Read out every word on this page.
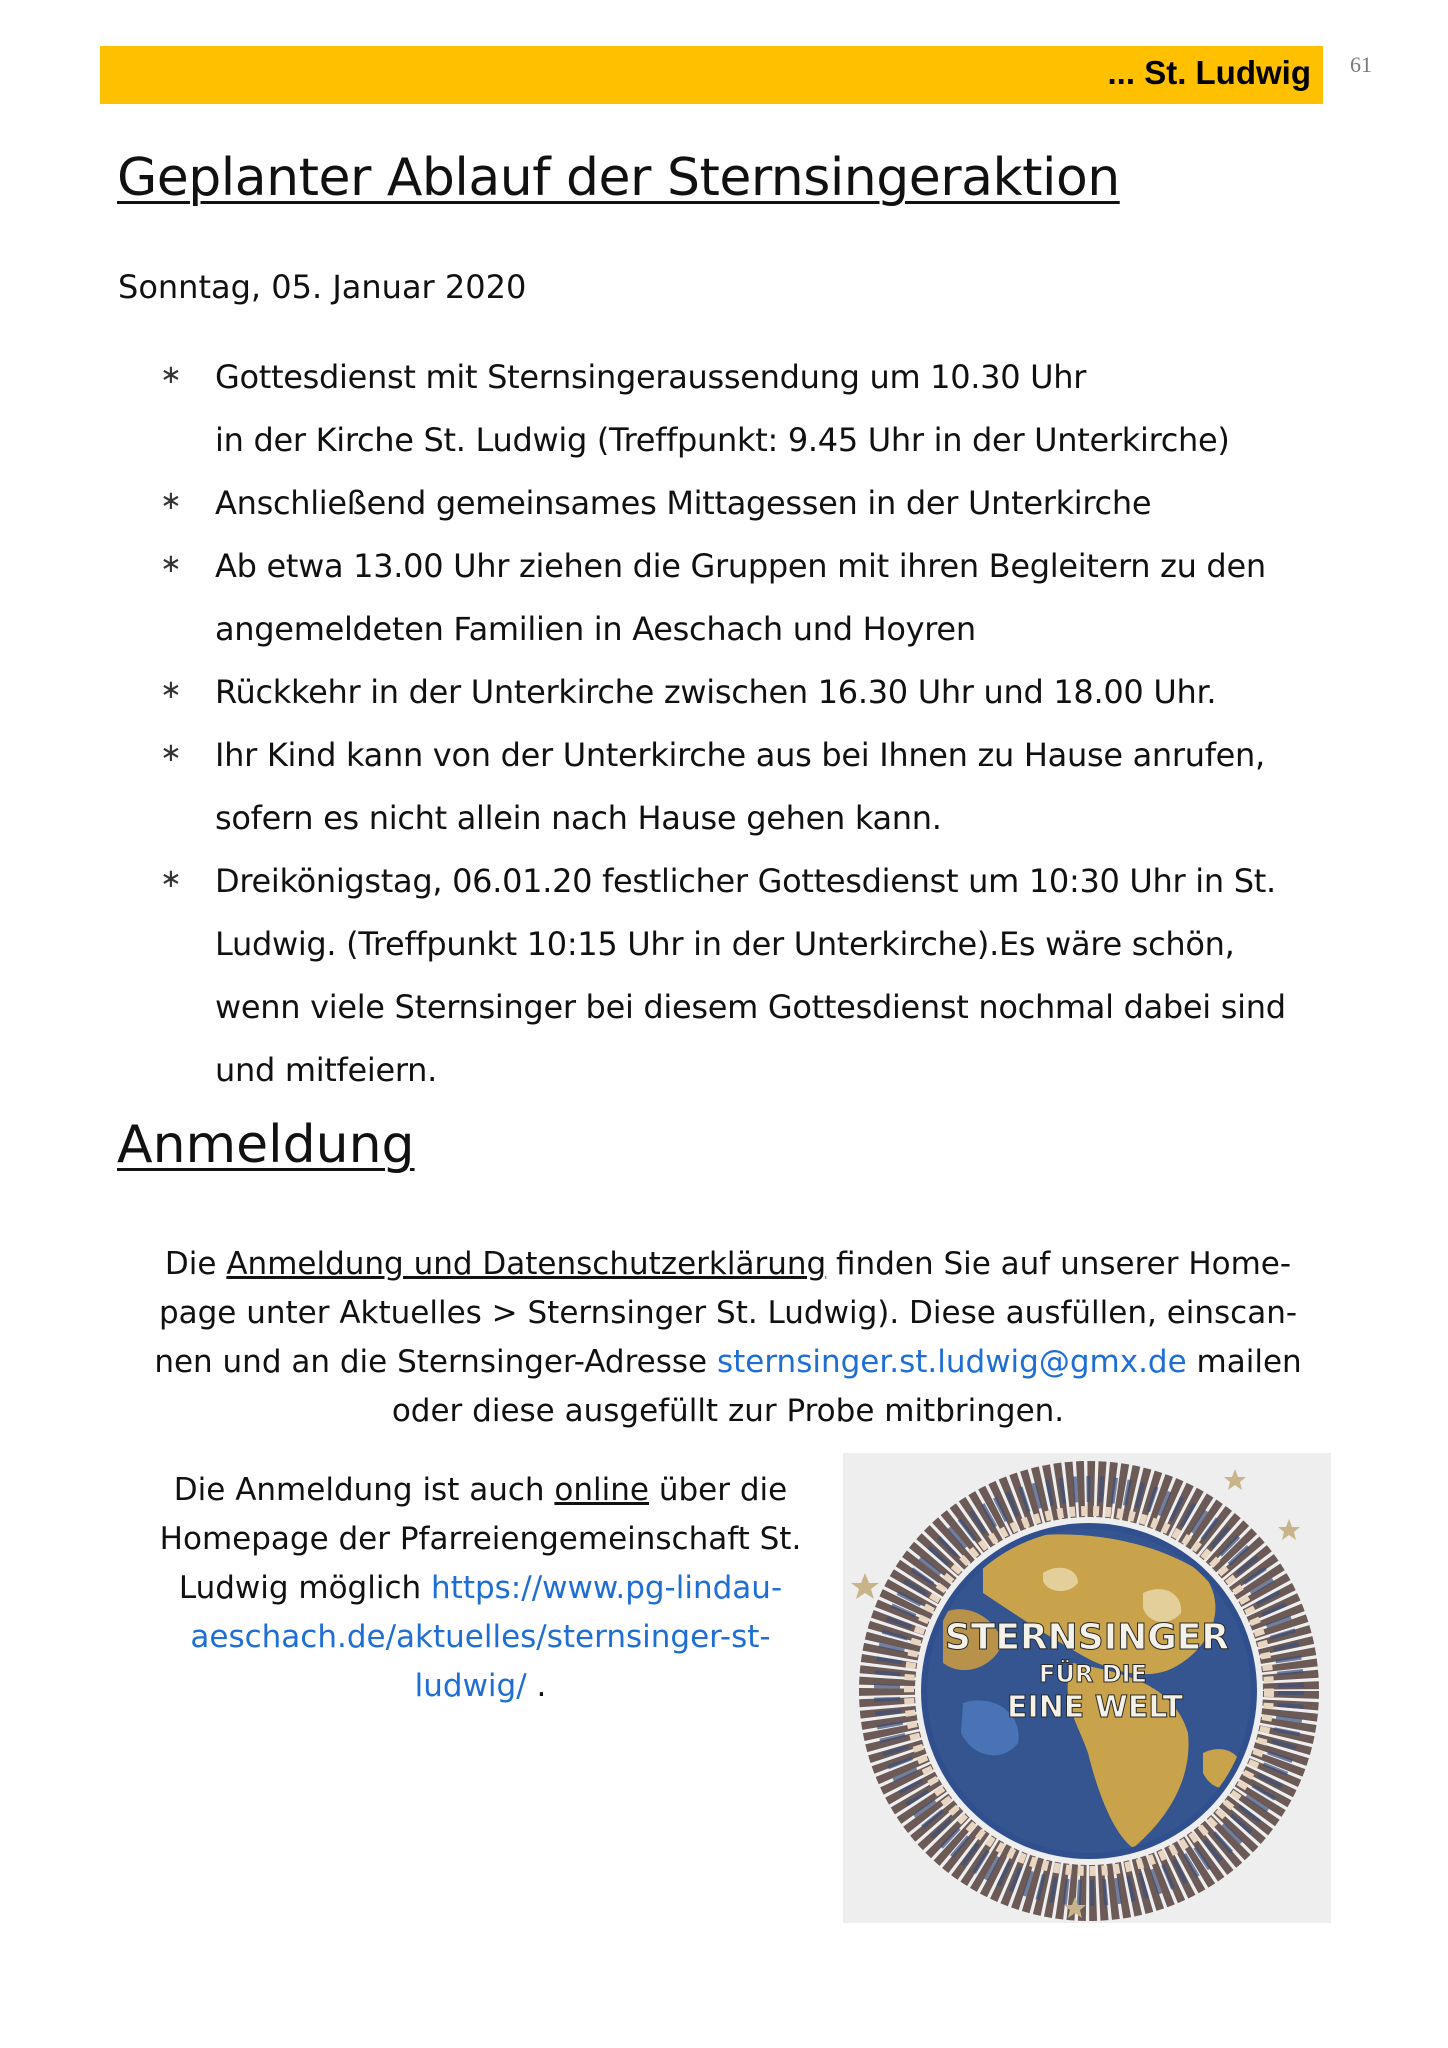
... St. Ludwig 61
Geplanter Ablauf der Sternsingeraktion
Sonntag, 05. Januar 2020
∗ Gottesdienst mit Sternsingeraussendung um 10.30 Uhr
in der Kirche St. Ludwig (Treffpunkt: 9.45 Uhr in der Unterkirche)
∗ Anschließend gemeinsames Mittagessen in der Unterkirche
∗ Ab etwa 13.00 Uhr ziehen die Gruppen mit ihren Begleitern zu den
angemeldeten Familien in Aeschach und Hoyren
∗ Rückkehr in der Unterkirche zwischen 16.30 Uhr und 18.00 Uhr.
∗ Ihr Kind kann von der Unterkirche aus bei Ihnen zu Hause anrufen,
sofern es nicht allein nach Hause gehen kann.
∗ Dreikönigstag, 06.01.20 festlicher Gottesdienst um 10:30 Uhr in St.
Ludwig. (Treffpunkt 10:15 Uhr in der Unterkirche).Es wäre schön,
wenn viele Sternsinger bei diesem Gottesdienst nochmal dabei sind
und mitfeiern.
Anmeldung
Die Anmeldung und Datenschutzerklärung finden Sie auf unserer Home-
page unter Aktuelles > Sternsinger St. Ludwig). Diese ausfüllen, einscan-
nen und an die Sternsinger-Adresse sternsinger.st.ludwig@gmx.de mailen
oder diese ausgefüllt zur Probe mitbringen.
Die Anmeldung ist auch online über die
Homepage der Pfarreiengemeinschaft St.
Ludwig möglich https://www.pg-lindau-
aeschach.de/aktuelles/sternsinger-st-
ludwig/ .
STERNSINGER
FÜR DIE
EINE WELT
